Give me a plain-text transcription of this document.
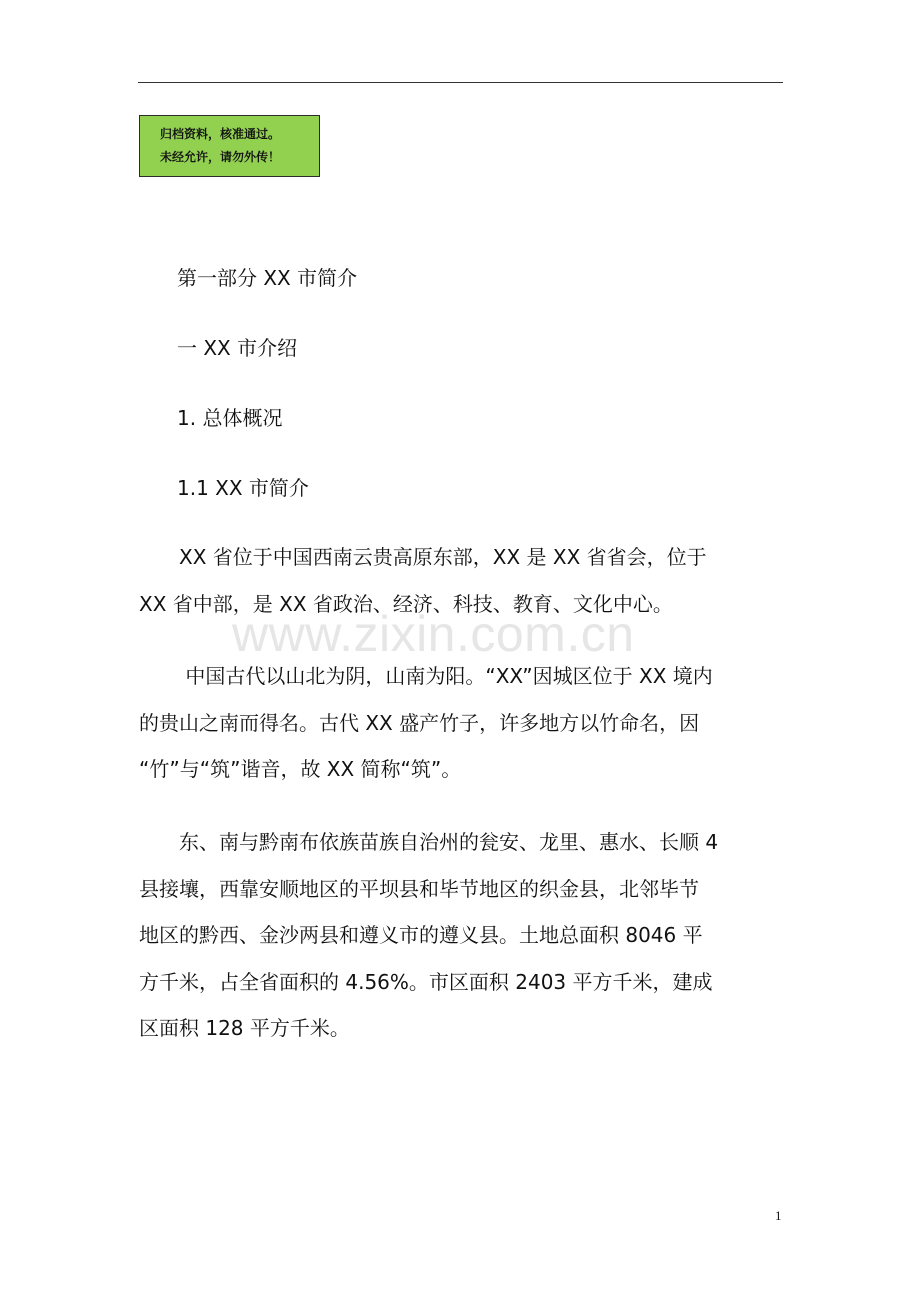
归档资料，核准通过。
未经允许，请勿外传！
第一部分 XX 市简介
一 XX 市介绍
1. 总体概况
1.1 XX 市简介
　　XX 省位于中国西南云贵高原东部，XX 是 XX 省省会，位于
XX 省中部，是 XX 省政治、经济、科技、教育、文化中心。
www.zixin.com.cn
　　 中国古代以山北为阴，山南为阳。“XX”因城区位于 XX 境内
的贵山之南而得名。古代 XX 盛产竹子，许多地方以竹命名，因
“竹”与“筑”谐音，故 XX 简称“筑”。
　　东、南与黔南布依族苗族自治州的瓮安、龙里、惠水、长顺 4
县接壤，西靠安顺地区的平坝县和毕节地区的织金县，北邻毕节
地区的黔西、金沙两县和遵义市的遵义县。土地总面积 8046 平
方千米，占全省面积的 4.56%。市区面积 2403 平方千米，建成
区面积 128 平方千米。
1
